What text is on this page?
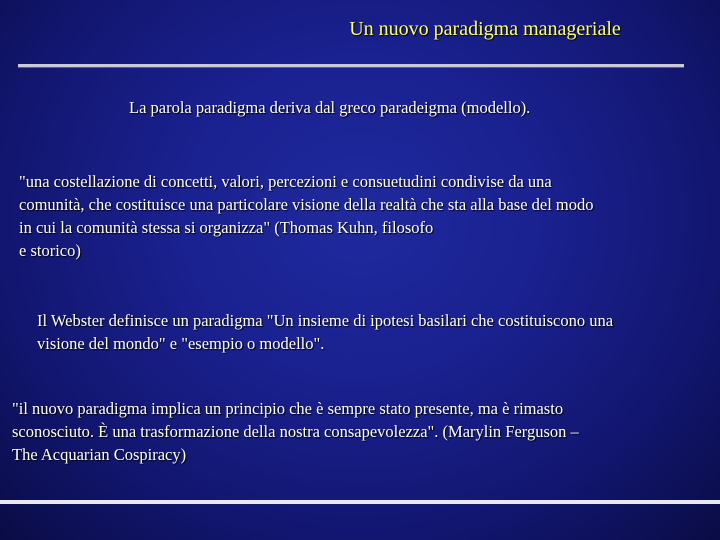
Un nuovo paradigma manageriale
La parola paradigma deriva dal greco paradeigma (modello).
"una costellazione di concetti, valori, percezioni e consuetudini condivise da una
comunità, che costituisce una particolare visione della realtà che sta alla base del modo
in cui la comunità stessa si organizza" (Thomas Kuhn, filosofo
e storico)
Il Webster definisce un paradigma "Un insieme di ipotesi basilari che costituiscono una
visione del mondo" e "esempio o modello".
"il nuovo paradigma implica un principio che è sempre stato presente, ma è rimasto
sconosciuto. È una trasformazione della nostra consapevolezza". (Marylin Ferguson –
The Acquarian Cospiracy)
